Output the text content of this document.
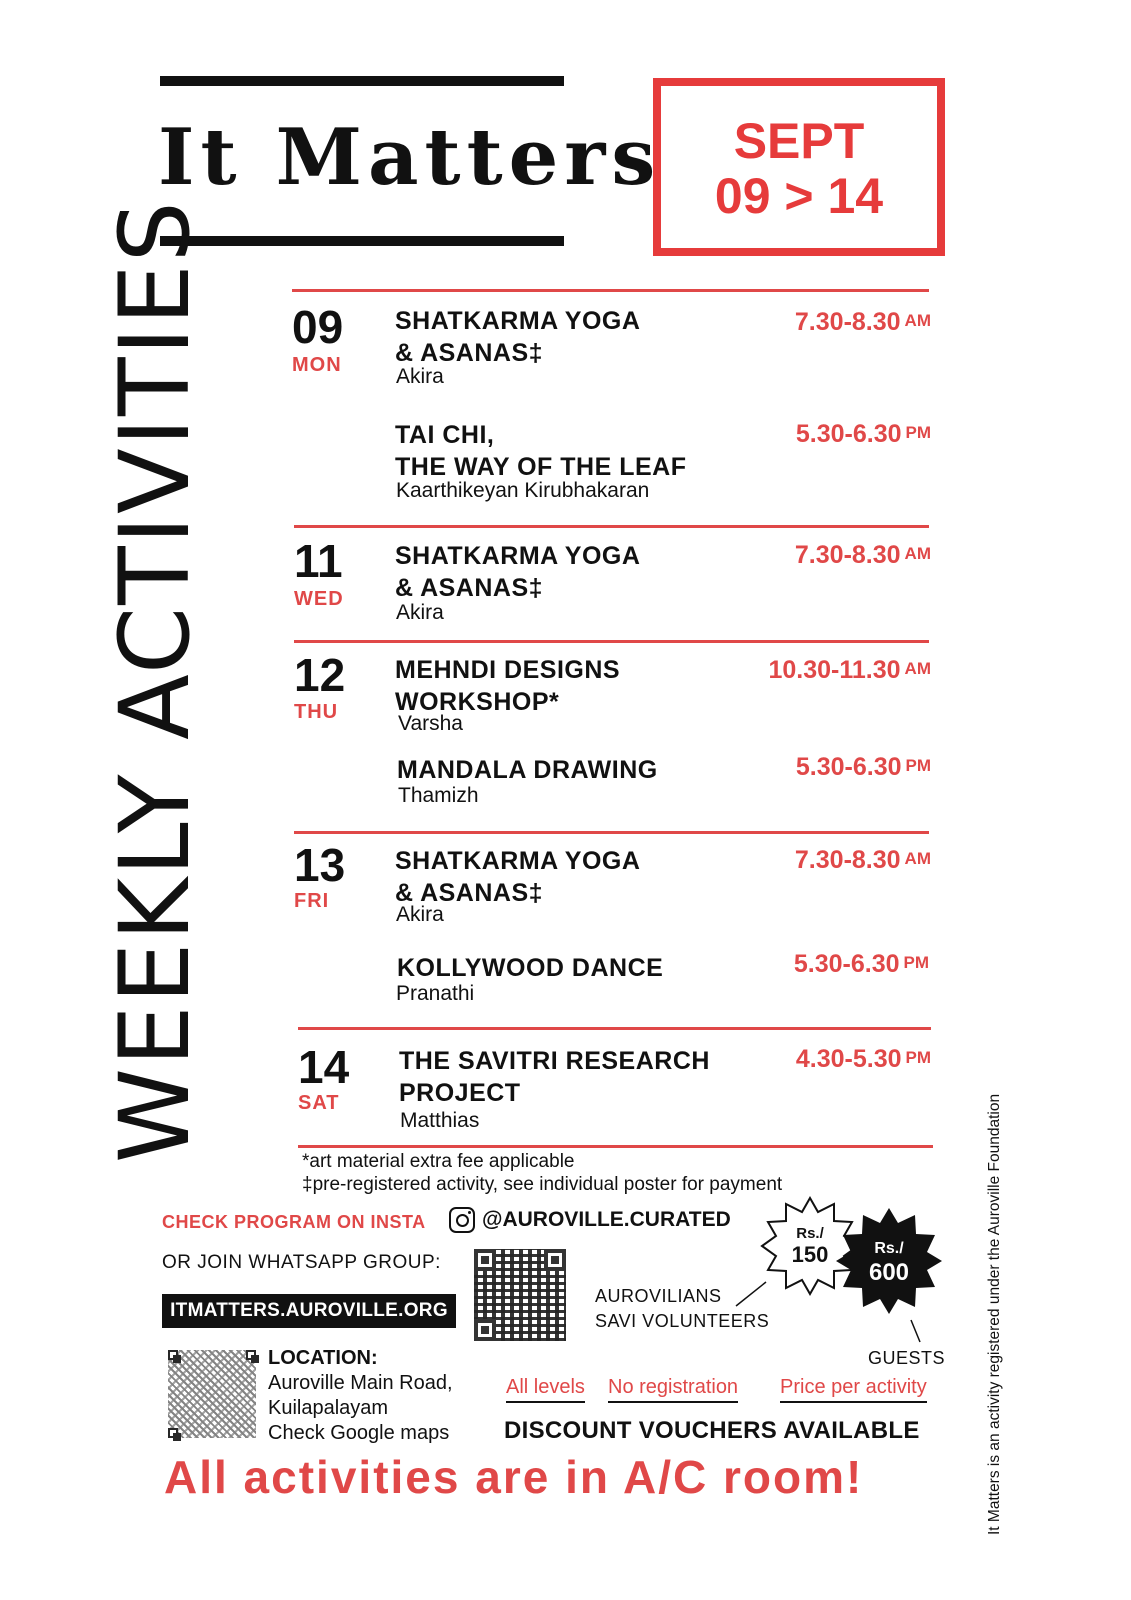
It Matters	SEPT
09 > 14
WEEKLY ACTIVITIES
It Matters is an activity registered under the Auroville Foundation
09
MON
SHATKARMA YOGA
& ASANAS‡
Akira
7.30-8.30 AM
TAI CHI,
THE WAY OF THE LEAF
Kaarthikeyan Kirubhakaran
5.30-6.30 PM
11
WED
SHATKARMA YOGA
& ASANAS‡
Akira
7.30-8.30 AM
12
THU
MEHNDI DESIGNS
WORKSHOP*
Varsha
10.30-11.30 AM
MANDALA DRAWING
Thamizh
5.30-6.30 PM
13
FRI
SHATKARMA YOGA
& ASANAS‡
Akira
7.30-8.30 AM
KOLLYWOOD DANCE
Pranathi
5.30-6.30 PM
14
SAT
THE SAVITRI RESEARCH
PROJECT
Matthias
4.30-5.30 PM
*art material extra fee applicable
‡pre-registered activity, see individual poster for payment
CHECK PROGRAM ON INSTA	@AUROVILLE.CURATED
OR JOIN WHATSAPP GROUP:
ITMATTERS.AUROVILLE.ORG
LOCATION:
Auroville Main Road,
Kuilapalayam
Check Google maps
Rs./
150	Rs./
600
AUROVILIANS
SAVI VOLUNTEERS
GUESTS
All levels No registration Price per activity
DISCOUNT VOUCHERS AVAILABLE
All activities are in A/C room!
